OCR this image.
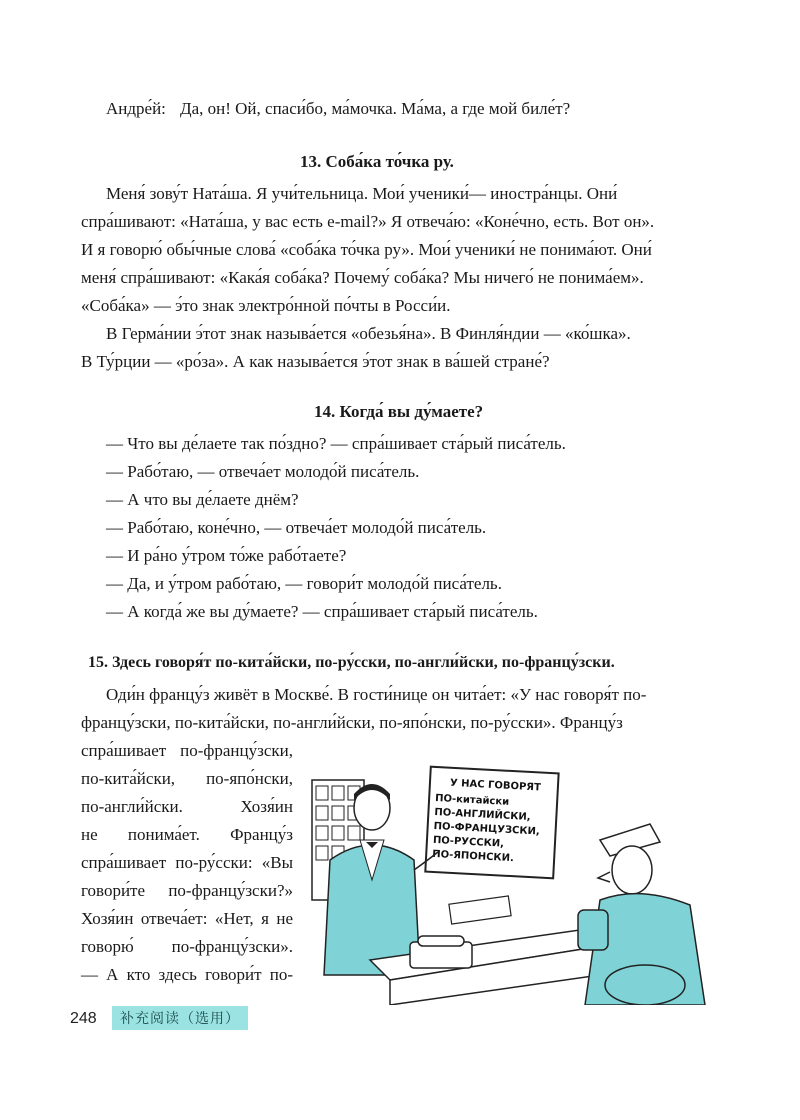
Андре́й: Да, он! Ой, спаси́бо, ма́мочка. Ма́ма, а где мой биле́т?
13. Соба́ка то́чка ру.
Меня́ зову́т Ната́ша. Я учи́тельница. Мои́ ученики́— иностра́нцы. Они́
спра́шивают: «Ната́ша, у вас есть e-mail?» Я отвеча́ю: «Коне́чно, есть. Вот он».
И я говорю́ обы́чные слова́ «соба́ка то́чка ру». Мои́ ученики́ не понима́ют. Они́
меня́ спра́шивают: «Кака́я соба́ка? Почему́ соба́ка? Мы ничего́ не понима́ем».
«Соба́ка» — э́то знак электро́нной по́чты в Росси́и.
В Герма́нии э́тот знак называ́ется «обезья́на». В Финля́ндии — «ко́шка».
В Ту́рции — «ро́за». А как называ́ется э́тот знак в ва́шей стране́?
14. Когда́ вы ду́маете?
— Что вы де́лаете так по́здно? — спра́шивает ста́рый писа́тель.
— Рабо́таю, — отвеча́ет молодо́й писа́тель.
— А что вы де́лаете днём?
— Рабо́таю, коне́чно, — отвеча́ет молодо́й писа́тель.
— И ра́но у́тром то́же рабо́таете?
— Да, и у́тром рабо́таю, — говори́т молодо́й писа́тель.
— А когда́ же вы ду́маете? — спра́шивает ста́рый писа́тель.
15. Здесь говоря́т по-кита́йски, по-ру́сски, по-англи́йски, по-францу́зски.
Оди́н францу́з живёт в Москве́. В гости́нице он чита́ет: «У нас говоря́т по-
францу́зски, по-кита́йски, по-англи́йски, по-япо́нски, по-ру́сски». Францу́з
спра́шивает по-францу́зски,
по-кита́йски, по-япо́нски,
по-англи́йски. Хозя́ин
не понима́ет. Францу́з
спра́шивает по-ру́сски: «Вы
говори́те по-францу́зски?»
Хозя́ин отвеча́ет: «Нет, я не
говорю́ по-францу́зски».
— А кто здесь говори́т по-
У НАС ГОВОРЯТ
ПО-китайски
ПО-АНГЛИЙСКИ,
ПО-ФРАНЦУЗСКИ,
ПО-РУССКИ,
ПО-ЯПОНСКИ.
248	补充阅读（选用）
